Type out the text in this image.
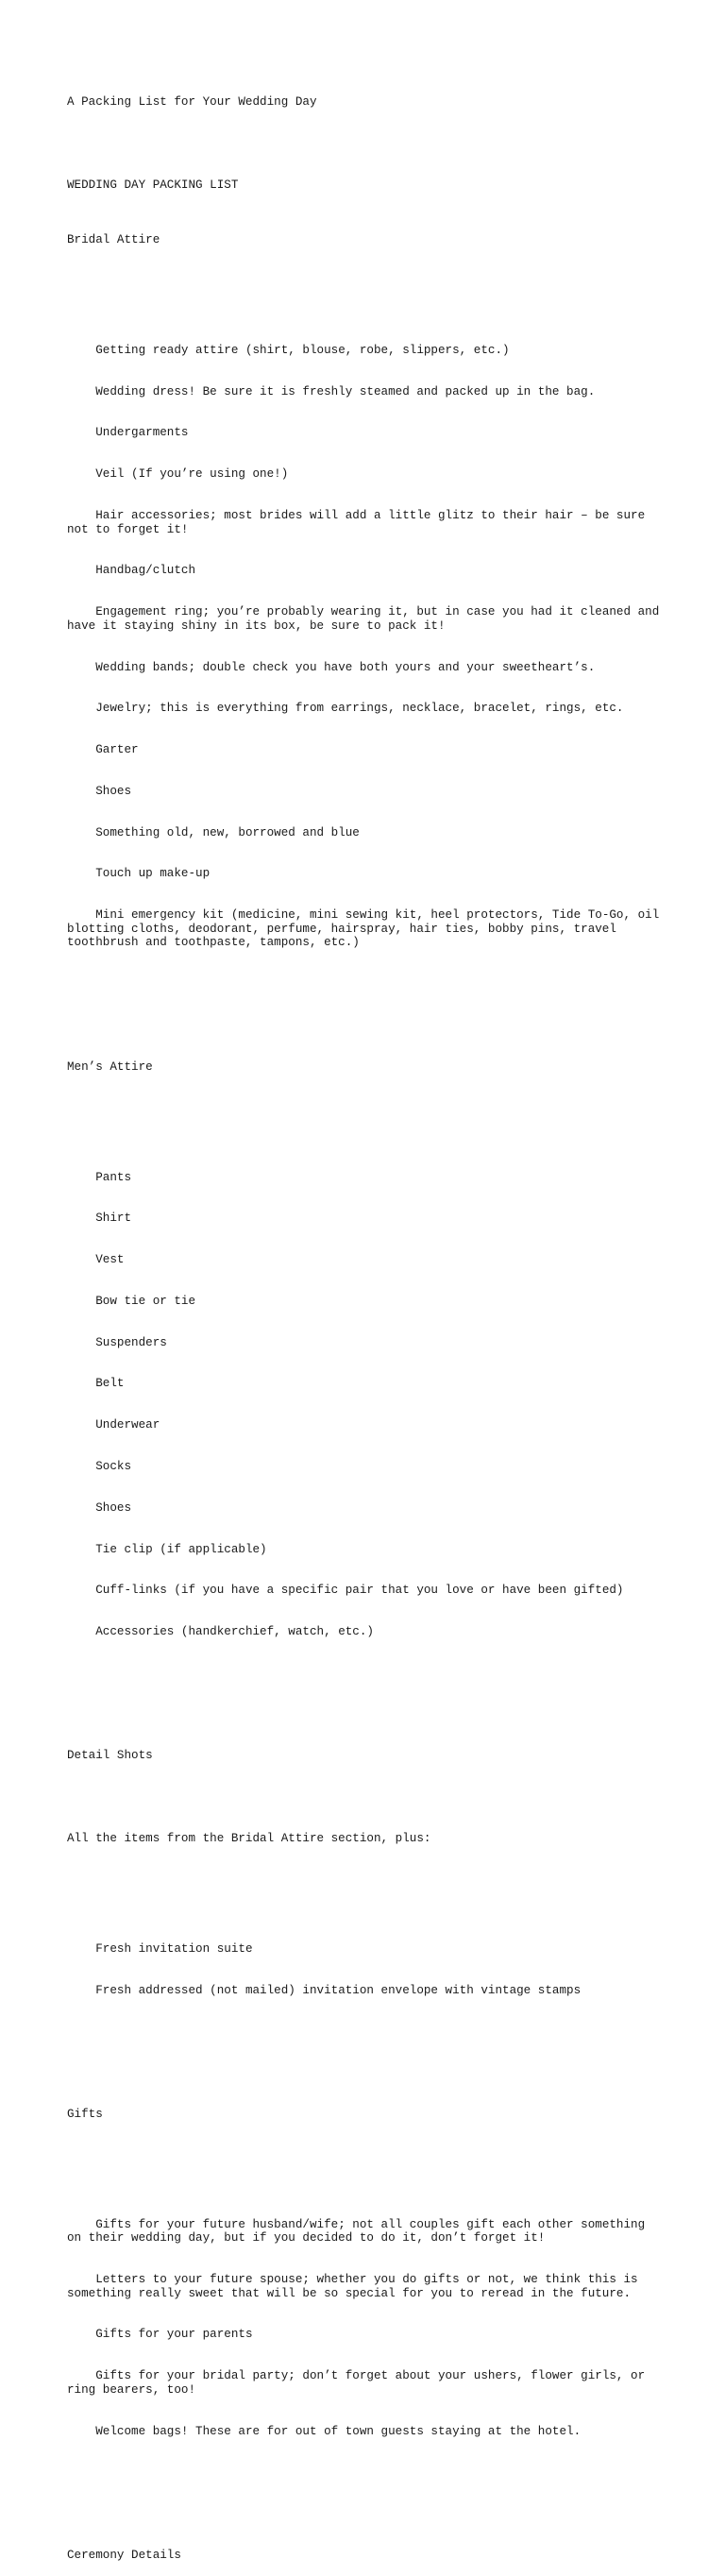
A Packing List for Your Wedding Day

WEDDING DAY PACKING LIST

Bridal Attire

Getting ready attire (shirt, blouse, robe, slippers, etc.)

Wedding dress! Be sure it is freshly steamed and packed up in the bag.

Undergarments

Veil (If you’re using one!)

Hair accessories; most brides will add a little glitz to their hair – be sure
not to forget it!

Handbag/clutch

Engagement ring; you’re probably wearing it, but in case you had it cleaned and
have it staying shiny in its box, be sure to pack it!

Wedding bands; double check you have both yours and your sweetheart’s.

Jewelry; this is everything from earrings, necklace, bracelet, rings, etc.

Garter

Shoes

Something old, new, borrowed and blue

Touch up make-up

Mini emergency kit (medicine, mini sewing kit, heel protectors, Tide To-Go, oil
blotting cloths, deodorant, perfume, hairspray, hair ties, bobby pins, travel
toothbrush and toothpaste, tampons, etc.)

Men’s Attire

Pants

Shirt

Vest

Bow tie or tie

Suspenders

Belt

Underwear

Socks

Shoes

Tie clip (if applicable)

Cuff-links (if you have a specific pair that you love or have been gifted)

Accessories (handkerchief, watch, etc.)

Detail Shots

All the items from the Bridal Attire section, plus:

Fresh invitation suite

Fresh addressed (not mailed) invitation envelope with vintage stamps

Gifts

Gifts for your future husband/wife; not all couples gift each other something
on their wedding day, but if you decided to do it, don’t forget it!

Letters to your future spouse; whether you do gifts or not, we think this is
something really sweet that will be so special for you to reread in the future.

Gifts for your parents

Gifts for your bridal party; don’t forget about your ushers, flower girls, or
ring bearers, too!

Welcome bags! These are for out of town guests staying at the hotel.

Ceremony Details
